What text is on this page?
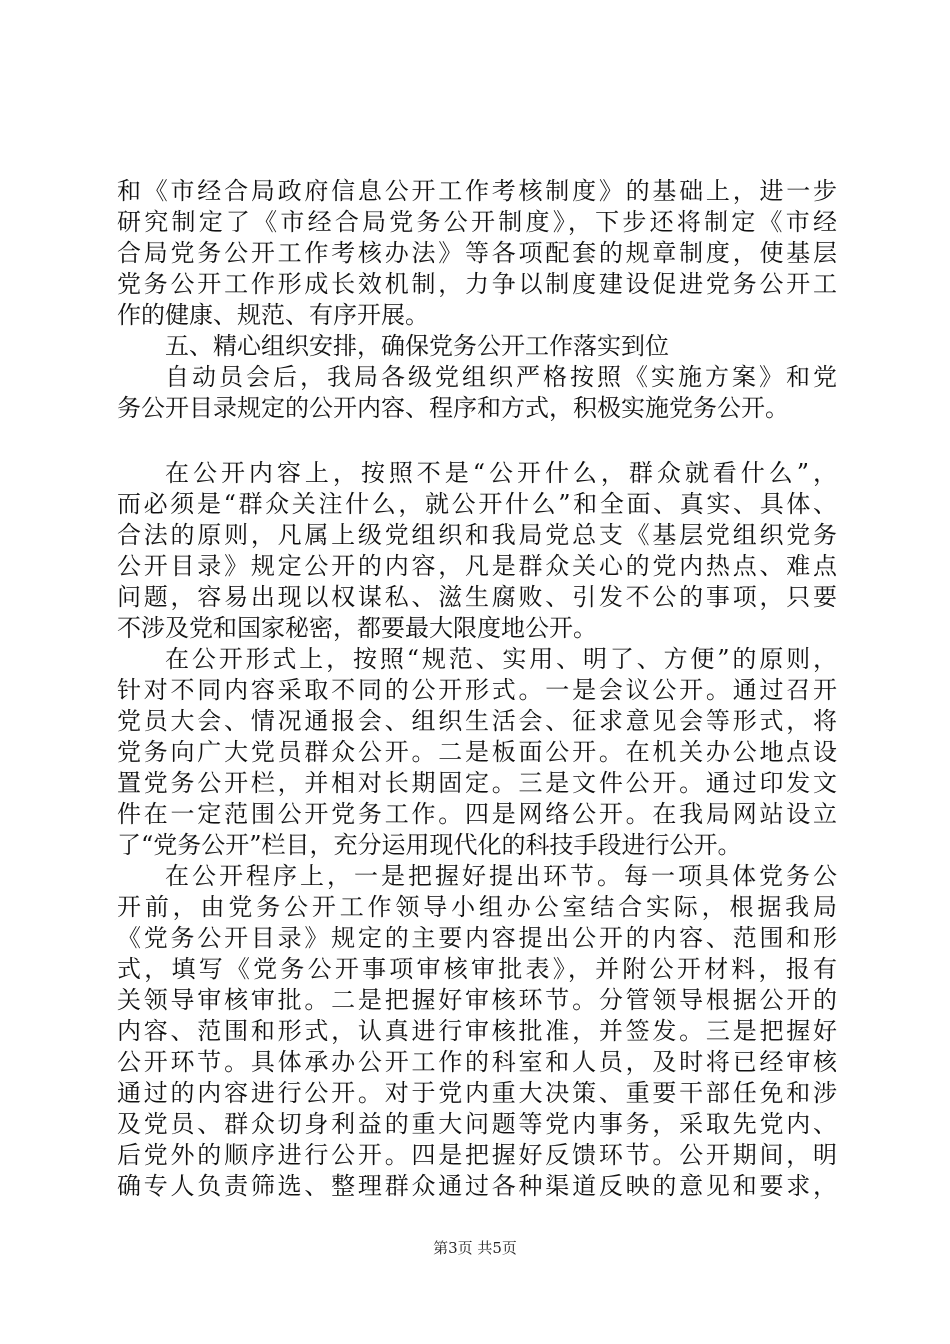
和《市经合局政府信息公开工作考核制度》的基础上，进一步
研究制定了《市经合局党务公开制度》，下步还将制定《市经
合局党务公开工作考核办法》等各项配套的规章制度，使基层
党务公开工作形成长效机制，力争以制度建设促进党务公开工
作的健康、规范、有序开展。
五、精心组织安排，确保党务公开工作落实到位
自动员会后，我局各级党组织严格按照《实施方案》和党
务公开目录规定的公开内容、程序和方式，积极实施党务公开。
在公开内容上，按照不是“公开什么，群众就看什么”，
而必须是“群众关注什么，就公开什么”和全面、真实、具体、
合法的原则，凡属上级党组织和我局党总支《基层党组织党务
公开目录》规定公开的内容，凡是群众关心的党内热点、难点
问题，容易出现以权谋私、滋生腐败、引发不公的事项，只要
不涉及党和国家秘密，都要最大限度地公开。
在公开形式上，按照“规范、实用、明了、方便”的原则，
针对不同内容采取不同的公开形式。一是会议公开。通过召开
党员大会、情况通报会、组织生活会、征求意见会等形式，将
党务向广大党员群众公开。二是板面公开。在机关办公地点设
置党务公开栏，并相对长期固定。三是文件公开。通过印发文
件在一定范围公开党务工作。四是网络公开。在我局网站设立
了“党务公开”栏目，充分运用现代化的科技手段进行公开。
在公开程序上，一是把握好提出环节。每一项具体党务公
开前，由党务公开工作领导小组办公室结合实际，根据我局
《党务公开目录》规定的主要内容提出公开的内容、范围和形
式，填写《党务公开事项审核审批表》，并附公开材料，报有
关领导审核审批。二是把握好审核环节。分管领导根据公开的
内容、范围和形式，认真进行审核批准，并签发。三是把握好
公开环节。具体承办公开工作的科室和人员，及时将已经审核
通过的内容进行公开。对于党内重大决策、重要干部任免和涉
及党员、群众切身利益的重大问题等党内事务，采取先党内、
后党外的顺序进行公开。四是把握好反馈环节。公开期间，明
确专人负责筛选、整理群众通过各种渠道反映的意见和要求，
第3页 共5页
